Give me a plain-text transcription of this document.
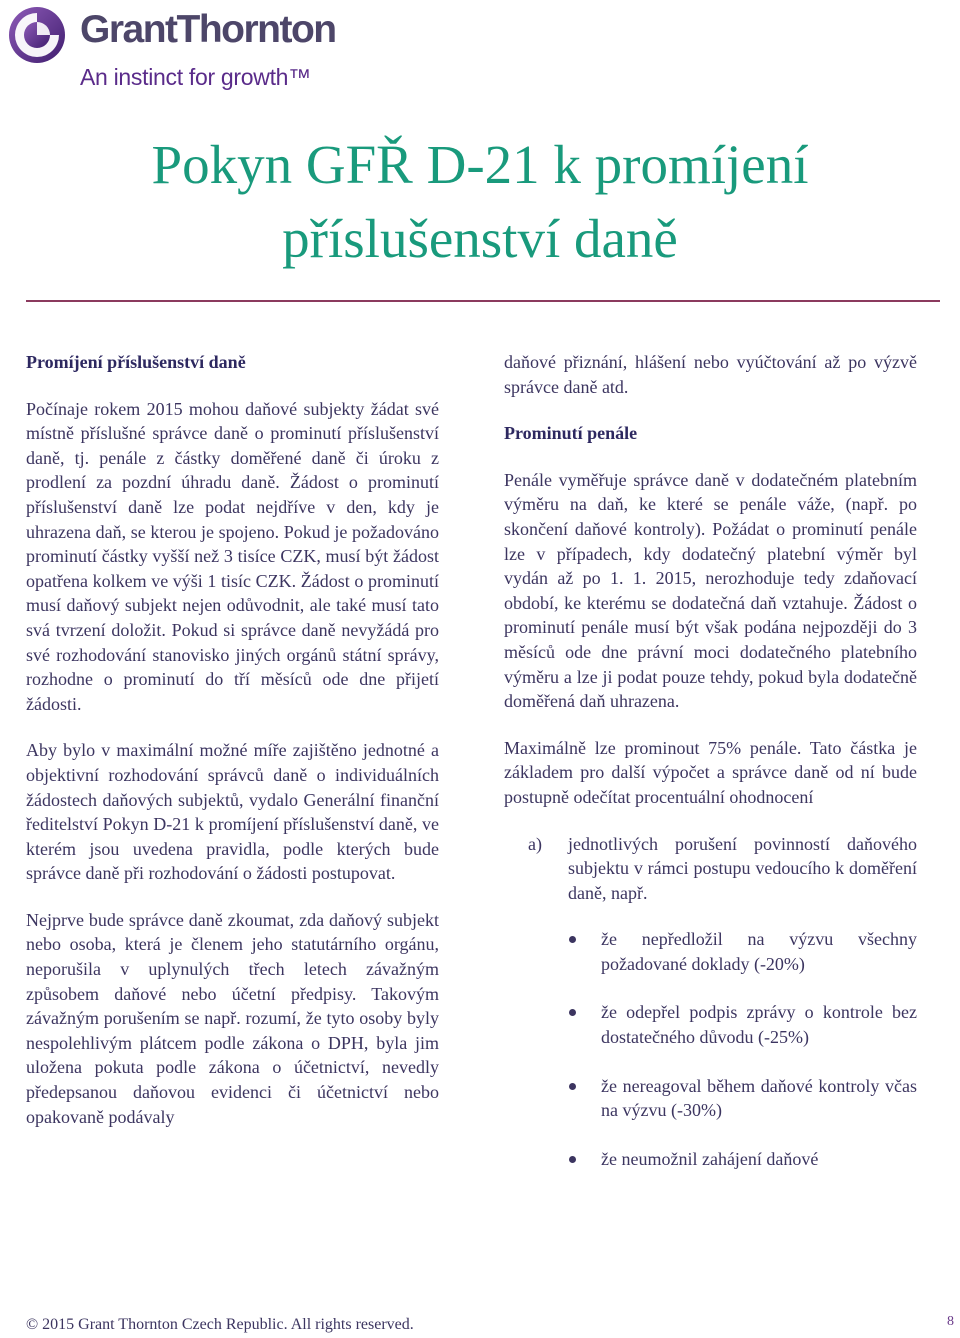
GrantThornton
An instinct for growth™
Pokyn GFŘ D-21 k promíjení
příslušenství daně

Promíjení příslušenství daně

Počínaje rokem 2015 mohou daňové subjekty žádat své místně příslušné správce daně o prominutí příslušenství daně, tj. penále z částky doměřené daně či úroku z prodlení za pozdní úhradu daně. Žádost o prominutí příslušenství daně lze podat nejdříve v den, kdy je uhrazena daň, se kterou je spojeno. Pokud je požadováno prominutí částky vyšší než 3 tisíce CZK, musí být žádost opatřena kolkem ve výši 1 tisíc CZK. Žádost o prominutí musí daňový subjekt nejen odůvodnit, ale také musí tato svá tvrzení doložit. Pokud si správce daně nevyžádá pro své rozhodování stanovisko jiných orgánů státní správy, rozhodne o prominutí do tří měsíců ode dne přijetí žádosti.

Aby bylo v maximální možné míře zajištěno jednotné a objektivní rozhodování správců daně o individuálních žádostech daňových subjektů, vydalo Generální finanční ředitelství Pokyn D-21 k promíjení příslušenství daně, ve kterém jsou uvedena pravidla, podle kterých bude správce daně při rozhodování o žádosti postupovat.

Nejprve bude správce daně zkoumat, zda daňový subjekt nebo osoba, která je členem jeho statutárního orgánu, neporušila v uplynulých třech letech závažným způsobem daňové nebo účetní předpisy. Takovým závažným porušením se např. rozumí, že tyto osoby byly nespolehlivým plátcem podle zákona o DPH, byla jim uložena pokuta podle zákona o účetnictví, nevedly předepsanou daňovou evidenci či účetnictví nebo opakovaně podávaly

daňové přiznání, hlášení nebo vyúčtování až po výzvě správce daně atd.

Prominutí penále

Penále vyměřuje správce daně v dodatečném platebním výměru na daň, ke které se penále váže, (např. po skončení daňové kontroly). Požádat o prominutí penále lze v případech, kdy dodatečný platební výměr byl vydán až po 1. 1. 2015, nerozhoduje tedy zdaňovací období, ke kterému se dodatečná daň vztahuje. Žádost o prominutí penále musí být však podána nejpozději do 3 měsíců ode dne právní moci dodatečného platebního výměru a lze ji podat pouze tehdy, pokud byla dodatečně doměřená daň uhrazena.

Maximálně lze prominout 75% penále. Tato částka je základem pro další výpočet a správce daně od ní bude postupně odečítat procentuální ohodnocení

a) jednotlivých porušení povinností daňového subjektu v rámci postupu vedoucího k doměření daně, např.
že nepředložil na výzvu všechny požadované doklady (-20%)
že odepřel podpis zprávy o kontrole bez dostatečného důvodu (-25%)
že nereagoval během daňové kontroly včas na výzvu (-30%)
že neumožnil zahájení daňové
© 2015 Grant Thornton Czech Republic. All rights reserved.	8
